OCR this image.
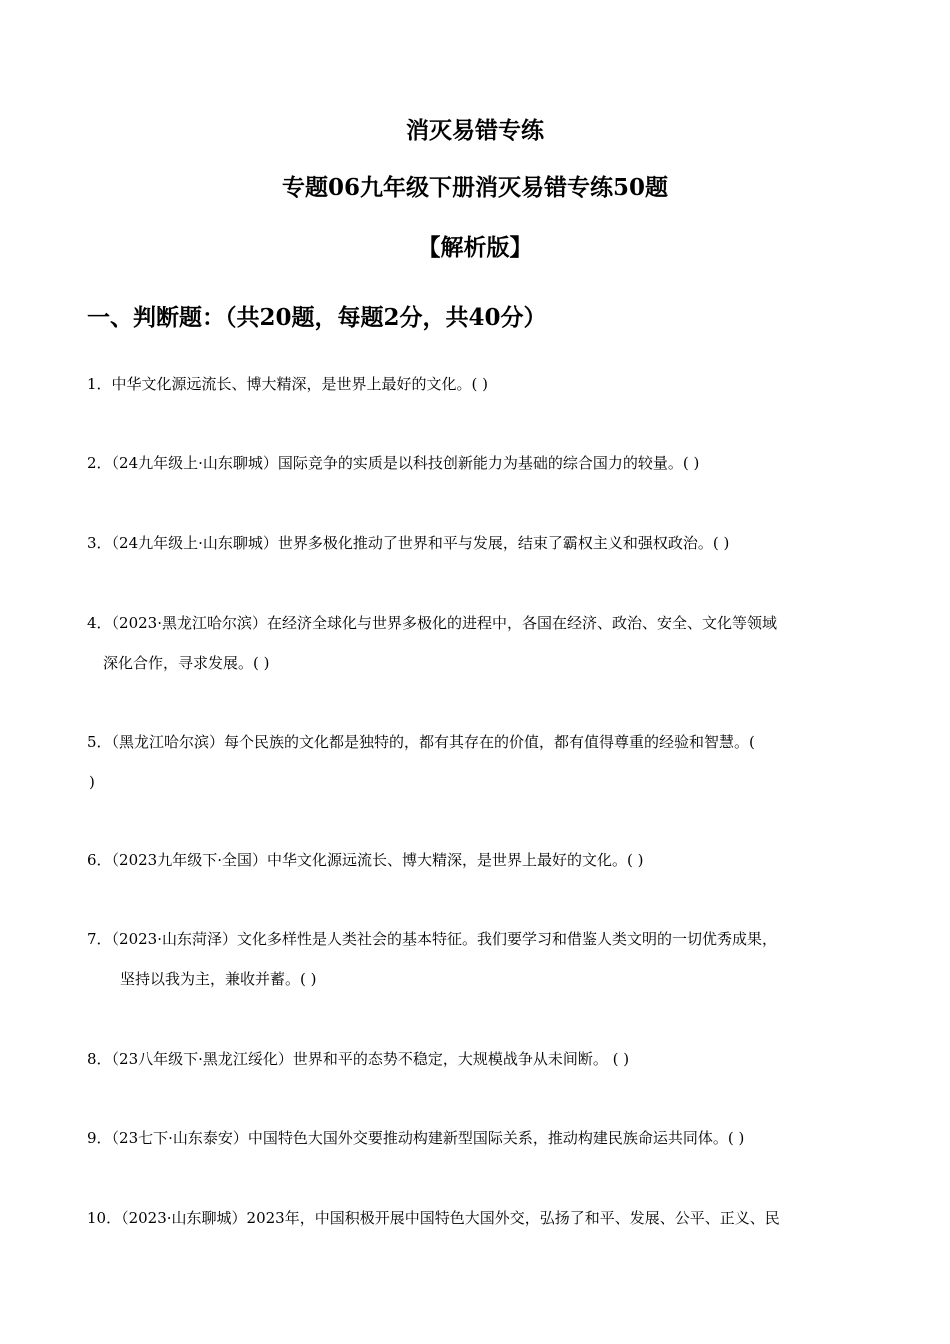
消灭易错专练
专题06九年级下册消灭易错专练50题
【解析版】
一、判断题：（共20题，每题2分，共40分）
1．中华文化源远流长、博大精深，是世界上最好的文化。( )
2．（24九年级上·山东聊城）国际竞争的实质是以科技创新能力为基础的综合国力的较量。( )
3．（24九年级上·山东聊城）世界多极化推动了世界和平与发展，结束了霸权主义和强权政治。( )
4．（2023·黑龙江哈尔滨）在经济全球化与世界多极化的进程中，各国在经济、政治、安全、文化等领域
深化合作，寻求发展。( )
5．（黑龙江哈尔滨）每个民族的文化都是独特的，都有其存在的价值，都有值得尊重的经验和智慧。(
)
6．（2023九年级下·全国）中华文化源远流长、博大精深，是世界上最好的文化。( )
7．（2023·山东菏泽）文化多样性是人类社会的基本特征。我们要学习和借鉴人类文明的一切优秀成果，
坚持以我为主，兼收并蓄。( )
8．（23八年级下·黑龙江绥化）世界和平的态势不稳定，大规模战争从未间断。 ( )
9．（23七下·山东泰安）中国特色大国外交要推动构建新型国际关系，推动构建民族命运共同体。( )
10．（2023·山东聊城）2023年，中国积极开展中国特色大国外交，弘扬了和平、发展、公平、正义、民
